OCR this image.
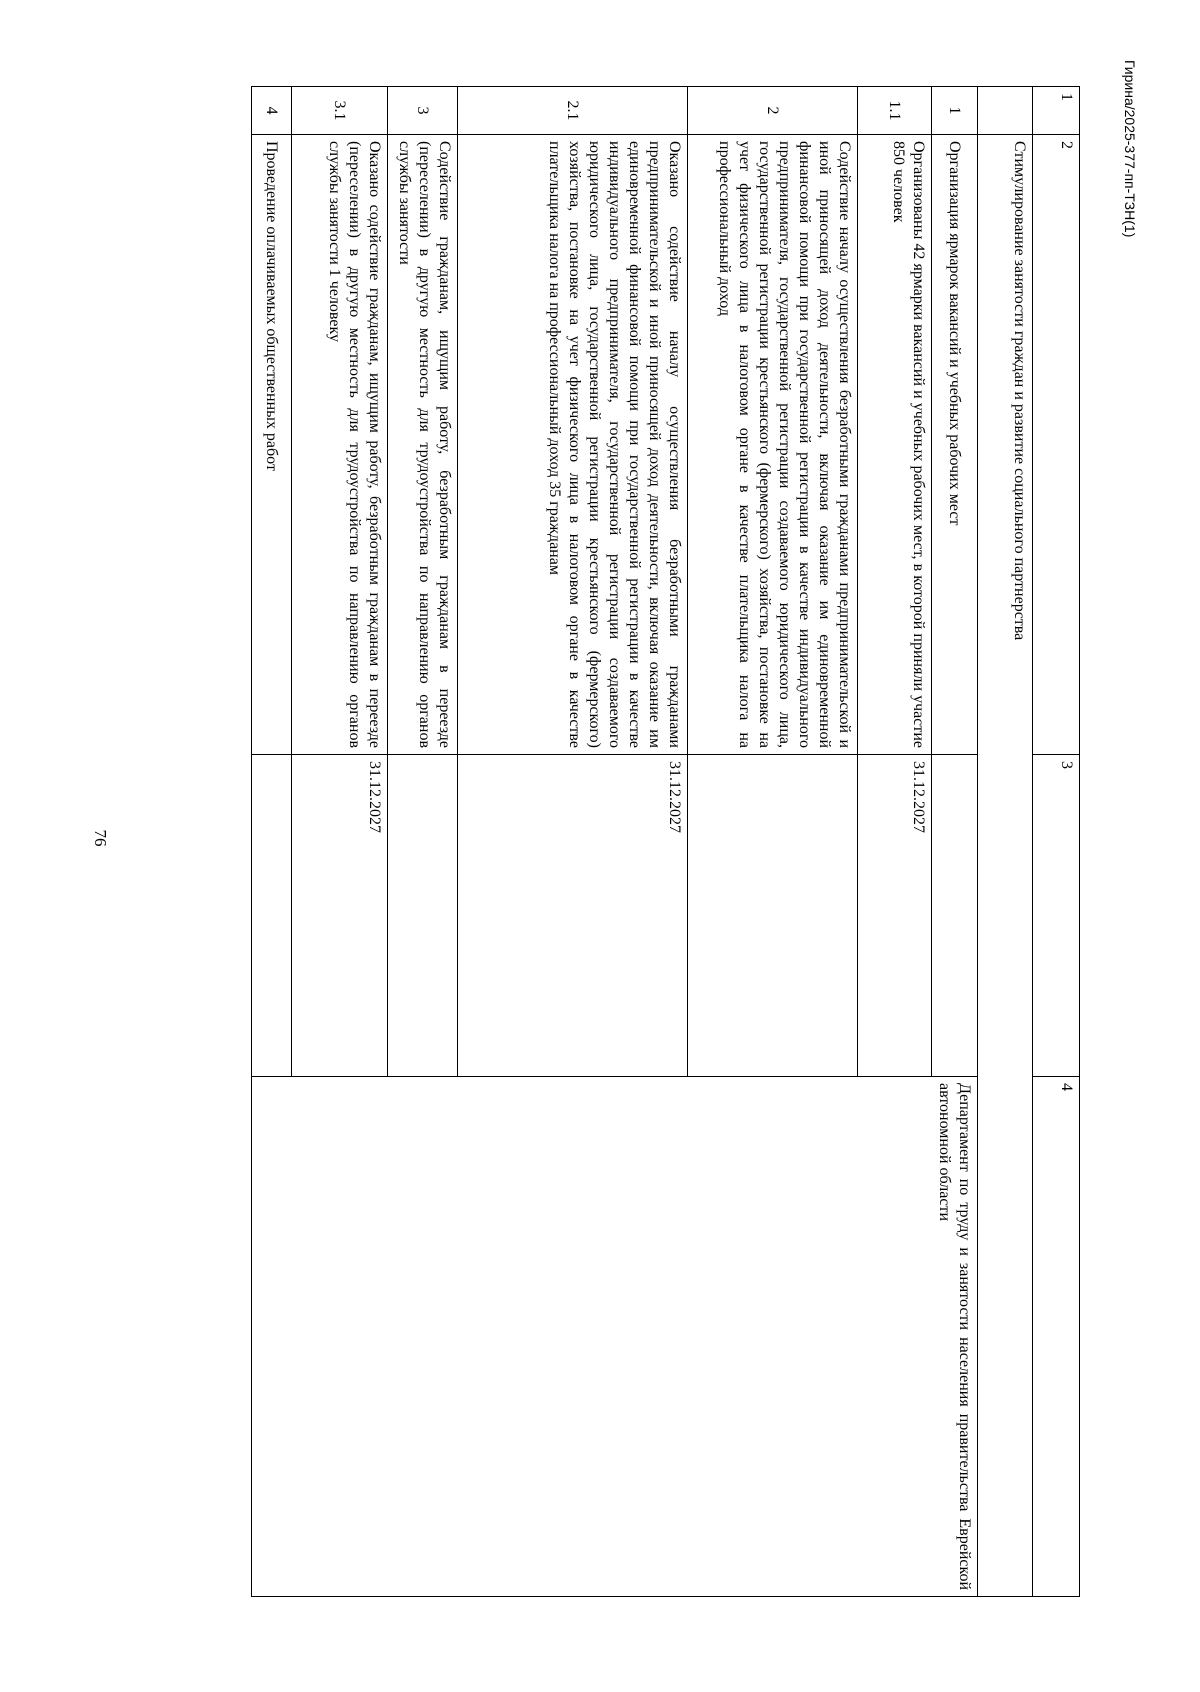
76
1	2	3	4
	Стимулирование занятости граждан и развитие социального партнерства		
1	Организация ярмарок вакансий и учебных рабочих мест		Департамент по труду и занятости населения правительства Еврейской автономной области
1.1	Организованы 42 ярмарки вакансий и учебных рабочих мест, в которой приняли участие 850 человек	31.12.2027	
2	Содействие началу осуществления безработными гражданами предпринимательской и иной приносящей доход деятельности, включая оказание им единовременной финансовой помощи при государственной регистрации в качестве индивидуального предпринимателя, государственной регистрации создаваемого юридического лица, государственной регистрации крестьянского (фермерского) хозяйства, постановке на учет физического лица в налоговом органе в качестве плательщика налога на профессиональный доход		
2.1	Оказано содействие началу осуществления безработными гражданами предпринимательской и иной приносящей доход деятельности, включая оказание им единовременной финансовой помощи при государственной регистрации в качестве индивидуального предпринимателя, государственной регистрации создаваемого юридического лица, государственной регистрации крестьянского (фермерского) хозяйства, постановке на учет физического лица в налоговом органе в качестве плательщика налога на профессиональный доход 35 гражданам	31.12.2027	
3	Содействие гражданам, ищущим работу, безработным гражданам в переезде (переселении) в другую местность для трудоустройства по направлению органов службы занятости		
3.1	Оказано содействие гражданам, ищущим работу, безработным гражданам в переезде (переселении) в другую местность для трудоустройства по направлению органов службы занятости 1 человеку	31.12.2027	
4	Проведение оплачиваемых общественных работ			Гирина/2025-377-пп-ТЗН(1)
